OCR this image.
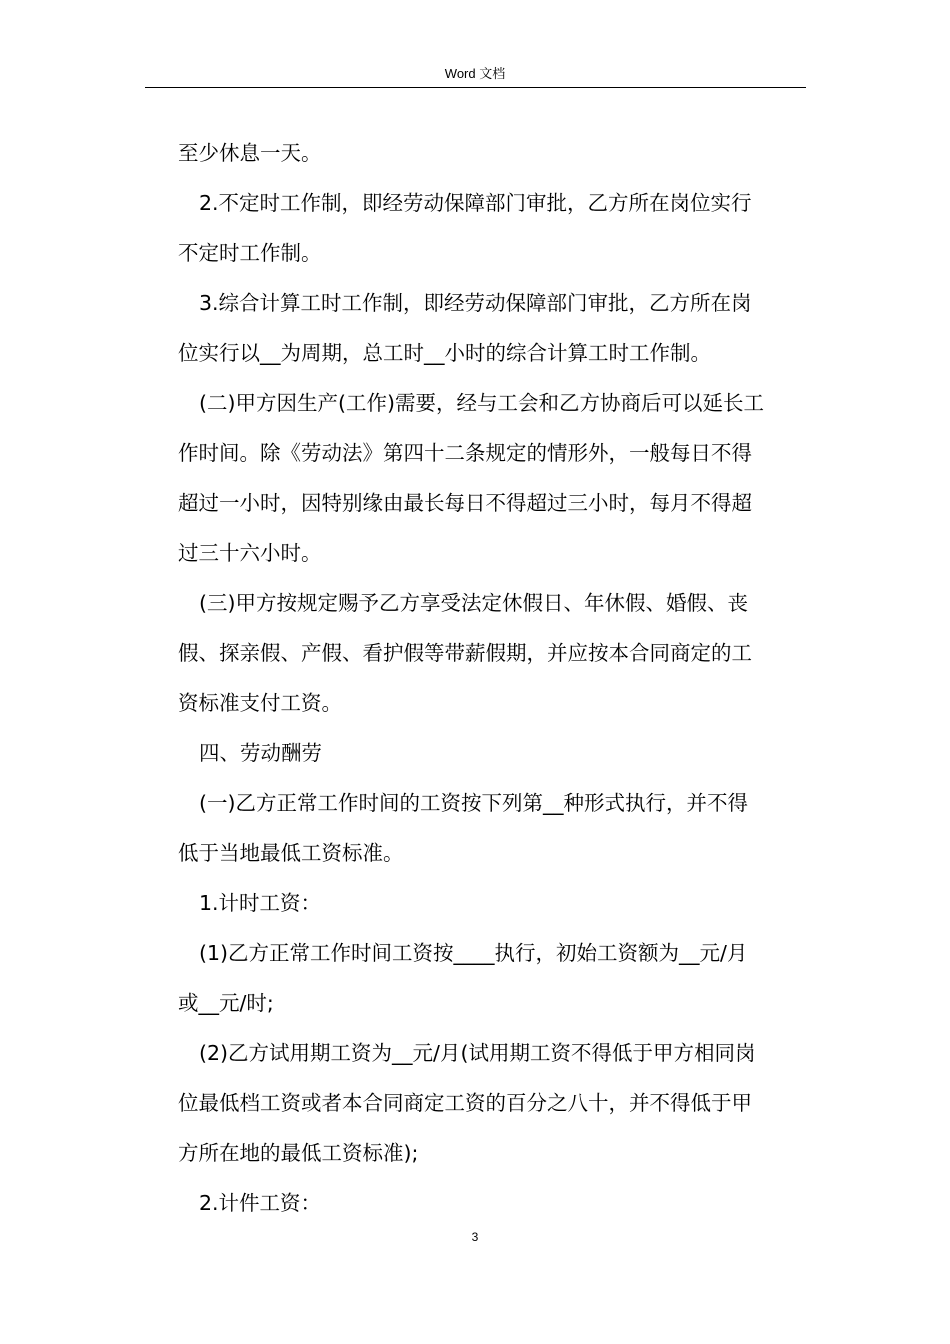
Word 文档

至少休息一天。

2.不定时工作制，即经劳动保障部门审批，乙方所在岗位实行

不定时工作制。

3.综合计算工时工作制，即经劳动保障部门审批，乙方所在岗

位实行以__为周期，总工时__小时的综合计算工时工作制。

(二)甲方因生产(工作)需要，经与工会和乙方协商后可以延长工

作时间。除《劳动法》第四十二条规定的情形外，一般每日不得

超过一小时，因特别缘由最长每日不得超过三小时，每月不得超

过三十六小时。

(三)甲方按规定赐予乙方享受法定休假日、年休假、婚假、丧

假、探亲假、产假、看护假等带薪假期，并应按本合同商定的工

资标准支付工资。

四、劳动酬劳

(一)乙方正常工作时间的工资按下列第__种形式执行，并不得

低于当地最低工资标准。

1.计时工资：

(1)乙方正常工作时间工资按____执行，初始工资额为__元/月

或__元/时;

(2)乙方试用期工资为__元/月(试用期工资不得低于甲方相同岗

位最低档工资或者本合同商定工资的百分之八十，并不得低于甲

方所在地的最低工资标准);

2.计件工资：

3
